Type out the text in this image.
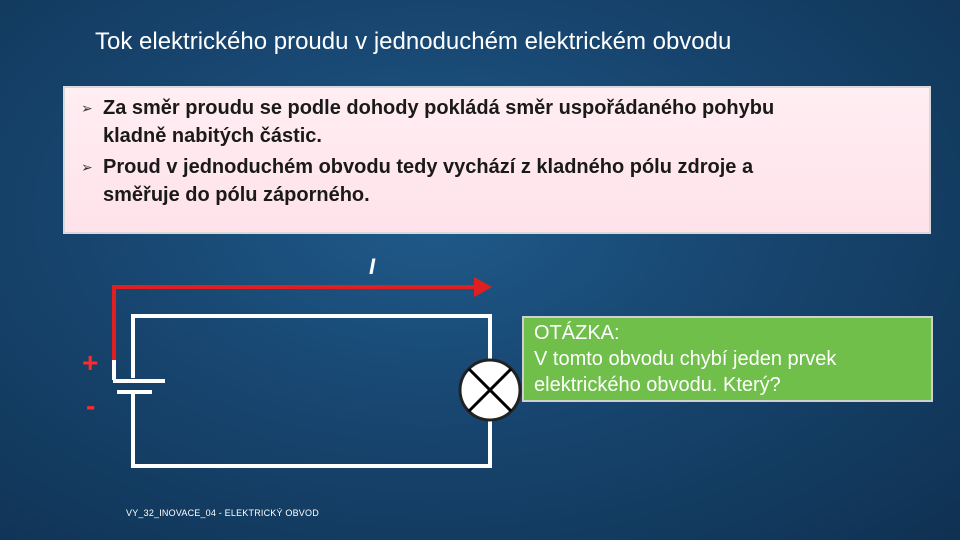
Tok elektrického proudu v jednoduchém elektrickém obvodu
➢ Za směr proudu se podle dohody pokládá směr uspořádaného pohybu
kladně nabitých částic.
➢ Proud v jednoduchém obvodu tedy vychází z kladného pólu zdroje a
směřuje do pólu záporného.
I
+
-
OTÁZKA:
V tomto obvodu chybí jeden prvek
elektrického obvodu. Který?
VY_32_INOVACE_04 - ELEKTRICKÝ OBVOD
